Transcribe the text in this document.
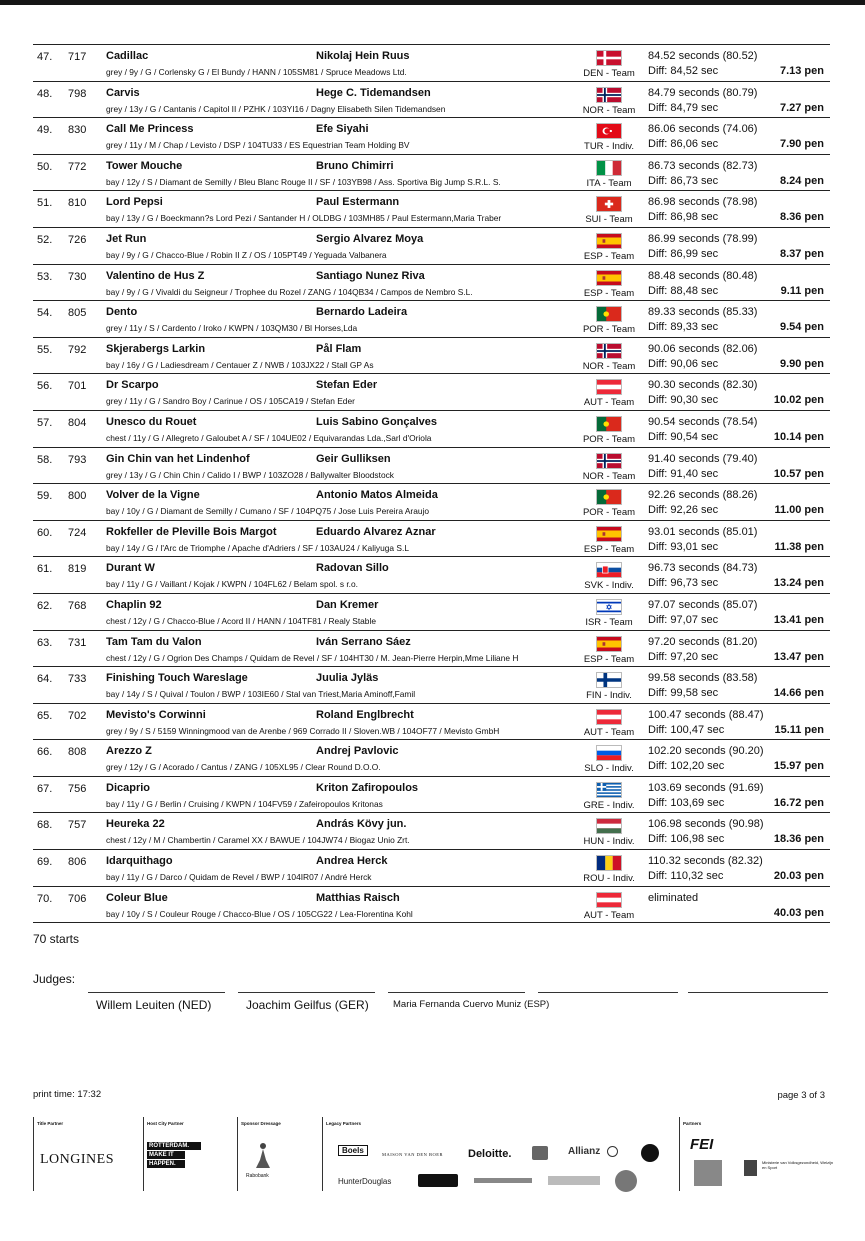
47. 717 Cadillac	Nikolaj Hein Ruus
grey / 9y / G / Corlensky G / El Bundy / HANN / 105SM81 / Spruce Meadows Ltd.	DEN - Team
84.52 seconds (80.52)
Diff: 84,52 sec	7.13 pen
48. 798 Carvis	Hege C. Tidemandsen
grey / 13y / G / Cantanis / Capitol II / PZHK / 103YI16 / Dagny Elisabeth Silen Tidemandsen	NOR - Team
84.79 seconds (80.79)
Diff: 84,79 sec	7.27 pen
49. 830 Call Me Princess	Efe Siyahi
grey / 11y / M / Chap / Levisto / DSP / 104TU33 / ES Equestrian Team Holding BV	TUR - Indiv.
86.06 seconds (74.06)
Diff: 86,06 sec	7.90 pen
50. 772 Tower Mouche	Bruno Chimirri
bay / 12y / S / Diamant de Semilly / Bleu Blanc Rouge II / SF / 103YB98 / Ass. Sportiva Big Jump S.R.L. S.	ITA - Team
86.73 seconds (82.73)
Diff: 86,73 sec	8.24 pen
51. 810 Lord Pepsi	Paul Estermann
bay / 13y / G / Boeckmann?s Lord Pezi / Santander H / OLDBG / 103MH85 / Paul Estermann,Maria Traber	SUI - Team
86.98 seconds (78.98)
Diff: 86,98 sec	8.36 pen
52. 726 Jet Run	Sergio Alvarez Moya
bay / 9y / G / Chacco-Blue / Robin II Z / OS / 105PT49 / Yeguada Valbanera	ESP - Team
86.99 seconds (78.99)
Diff: 86,99 sec	8.37 pen
53. 730 Valentino de Hus Z	Santiago Nunez Riva
bay / 9y / G / Vivaldi du Seigneur / Trophee du Rozel / ZANG / 104QB34 / Campos de Nembro S.L.	ESP - Team
88.48 seconds (80.48)
Diff: 88,48 sec	9.11 pen
54. 805 Dento	Bernardo Ladeira
grey / 11y / S / Cardento / Iroko / KWPN / 103QM30 / Bl Horses,Lda	POR - Team
89.33 seconds (85.33)
Diff: 89,33 sec	9.54 pen
55. 792 Skjerabergs Larkin	Pål Flam
bay / 16y / G / Ladiesdream / Centauer Z / NWB / 103JX22 / Stall GP As	NOR - Team
90.06 seconds (82.06)
Diff: 90,06 sec	9.90 pen
56. 701 Dr Scarpo	Stefan Eder
grey / 11y / G / Sandro Boy / Carinue / OS / 105CA19 / Stefan Eder	AUT - Team
90.30 seconds (82.30)
Diff: 90,30 sec	10.02 pen
57. 804 Unesco du Rouet	Luis Sabino Gonçalves
chest / 11y / G / Allegreto / Galoubet A / SF / 104UE02 / Equivarandas Lda.,Sarl d'Oriola	POR - Team
90.54 seconds (78.54)
Diff: 90,54 sec	10.14 pen
58. 793 Gin Chin van het Lindenhof	Geir Gulliksen
grey / 13y / G / Chin Chin / Calido I / BWP / 103ZO28 / Ballywalter Bloodstock	NOR - Team
91.40 seconds (79.40)
Diff: 91,40 sec	10.57 pen
59. 800 Volver de la Vigne	Antonio Matos Almeida
bay / 10y / G / Diamant de Semilly / Cumano / SF / 104PQ75 / Jose Luis Pereira Araujo	POR - Team
92.26 seconds (88.26)
Diff: 92,26 sec	11.00 pen
60. 724 Rokfeller de Pleville Bois Margot	Eduardo Alvarez Aznar
bay / 14y / G / l'Arc de Triomphe / Apache d'Adriers / SF / 103AU24 / Kaliyuga S.L	ESP - Team
93.01 seconds (85.01)
Diff: 93,01 sec	11.38 pen
61. 819 Durant W	Radovan Sillo
bay / 11y / G / Vaillant / Kojak / KWPN / 104FL62 / Belam spol. s r.o.	SVK - Indiv.
96.73 seconds (84.73)
Diff: 96,73 sec	13.24 pen
62. 768 Chaplin 92	Dan Kremer
chest / 12y / G / Chacco-Blue / Acord II / HANN / 104TF81 / Realy Stable	ISR - Team
97.07 seconds (85.07)
Diff: 97,07 sec	13.41 pen
63. 731 Tam Tam du Valon	Iván Serrano Sáez
chest / 12y / G / Ogrion Des Champs / Quidam de Revel / SF / 104HT30 / M. Jean-Pierre Herpin,Mme Liliane H	ESP - Team
97.20 seconds (81.20)
Diff: 97,20 sec	13.47 pen
64. 733 Finishing Touch Wareslage	Juulia Jyläs
bay / 14y / S / Quival / Toulon / BWP / 103IE60 / Stal van Triest,Maria Aminoff,Famil	FIN - Indiv.
99.58 seconds (83.58)
Diff: 99,58 sec	14.66 pen
65. 702 Mevisto's Corwinni	Roland Englbrecht
grey / 9y / S / 5159 Winningmood van de Arenbe / 969 Corrado II / Sloven.WB / 104OF77 / Mevisto GmbH	AUT - Team
100.47 seconds (88.47)
Diff: 100,47 sec	15.11 pen
66. 808 Arezzo Z	Andrej Pavlovic
grey / 12y / G / Acorado / Cantus / ZANG / 105XL95 / Clear Round D.O.O.	SLO - Indiv.
102.20 seconds (90.20)
Diff: 102,20 sec	15.97 pen
67. 756 Dicaprio	Kriton Zafiropoulos
bay / 11y / G / Berlin / Cruising / KWPN / 104FV59 / Zafeiropoulos Kritonas	GRE - Indiv.
103.69 seconds (91.69)
Diff: 103,69 sec	16.72 pen
68. 757 Heureka 22	András Kövy jun.
chest / 12y / M / Chambertin / Caramel XX / BAWUE / 104JW74 / Biogaz Unio Zrt.	HUN - Indiv.
106.98 seconds (90.98)
Diff: 106,98 sec	18.36 pen
69. 806 Idarquithago	Andrea Herck
bay / 11y / G / Darco / Quidam de Revel / BWP / 104IR07 / André Herck	ROU - Indiv.
110.32 seconds (82.32)
Diff: 110,32 sec	20.03 pen
70. 706 Coleur Blue	Matthias Raisch
bay / 10y / S / Couleur Rouge / Chacco-Blue / OS / 105CG22 / Lea-Florentina Kohl	AUT - Team
eliminated
40.03 pen
70 starts
Judges:
Willem Leuiten (NED)	Joachim Geilfus (GER)	Maria Fernanda Cuervo Muniz (ESP)
print time: 17:32	page 3 of 3
Title Partner
LONGINES
Host City Partner
ROTTERDAM.
MAKE IT
HAPPEN.
Sponsor Dressage
Rabobank
Legacy Partners
Boels	MAISON VAN DEN BOER Deloitte.	Allianz
HunterDouglas
Partners
FEI
Ministerie van Volksgezondheid, Welzijn en Sport
